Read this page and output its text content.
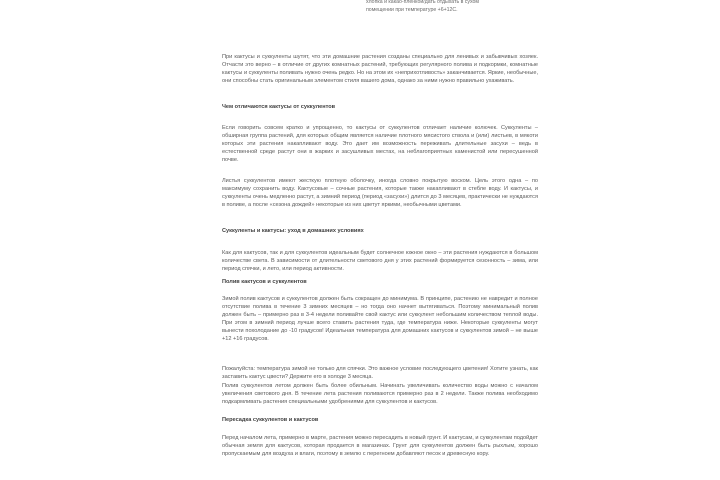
хлопка и какао-пленкой/дать отдыхать в сухом
помещении при температуре +6+12С.
При кактусы и суккуленты шутят, что эти домашние растения созданы специально для ленивых и забывчивых хозяек. Отчасти это верно – в отличие от других комнатных растений, требующих регулярного полива и подкормки, комнатные кактусы и суккуленты поливать нужно очень редко. Но на этом их «неприхотливость» заканчивается. Яркие, необычные, они способны стать оригинальным элементом стиля вашего дома, однако за ними нужно правильно ухаживать.
Чем отличаются кактусы от суккулентов
Если говорить совсем кратко и упрощенно, то кактусы от суккулентов отличает наличие колючек. Суккуленты – обширная группа растений, для которых общим является наличие плотного мясистого ствола и (или) листьев, в мякоти которых эти растения накапливают воду. Это дает им возможность переживать длительные засухи – ведь в естественной среде растут они в жарких и засушливых местах, на неблагоприятных каменистой или пересушенной почве.
Листья суккулентов имеют жесткую плотную оболочку, иногда словно покрытую воском. Цель этого одна – по максимуму сохранить воду. Кактусовые – сочные растения, которые также накапливают в стебле воду. И кактусы, и суккуленты очень медленно растут, а зимний период (период «засухи») длится до 3 месяцев, практически не нуждаются в поливе, а после «сезона дождей» некоторые из них цветут яркими, необычными цветами.
Суккуленты и кактусы: уход в домашних условиях
Как для кактусов, так и для суккулентов идеальным будет солнечное южное окно – эти растения нуждаются в большом количестве света. В зависимости от длительности светового дня у этих растений формируется сезонность – зима, или период спячки, и лето, или период активности.
Полив кактусов и суккулентов
Зимой полив кактусов и суккулентов должен быть сокращен до минимума. В принципе, растению не навредит и полное отсутствие полива в течение 3 зимних месяцев – но тогда оно начнет вытягиваться. Поэтому минимальный полив должен быть – примерно раз в 3-4 недели поливайте свой кактус или суккулент небольшим количеством теплой воды. При этом в зимний период лучше всего ставить растения туда, где температура ниже. Некоторые суккуленты могут вынести похолодание до -10 градусов! Идеальная температура для домашних кактусов и суккулентов зимой – не выше +12 +16 градусов.
Пожалуйста: температура зимой не только для спячки. Это важное условие последующего цветения! Хотите узнать, как заставить кактус цвести? Держите его в холоде 3 месяца.
Полив суккулентов летом должен быть более обильным. Начинать увеличивать количество воды можно с началом увеличения светового дня. В течение лета растения поливаются примерно раз в 2 недели. Также полива необходимо подкармливать растения специальными удобрениями для суккулентов и кактусов.
Пересадка суккулентов и кактусов
Перед началом лета, примерно в марте, растения можно пересадить в новый грунт. И кактусам, и суккулентам подойдет обычная земля для кактусов, которая продается в магазинах. Грунт для суккулентов должен быть рыхлым, хорошо пропускаемым для воздуха и влаги, поэтому в землю с перегноем добавляют песок и древесную кору.
